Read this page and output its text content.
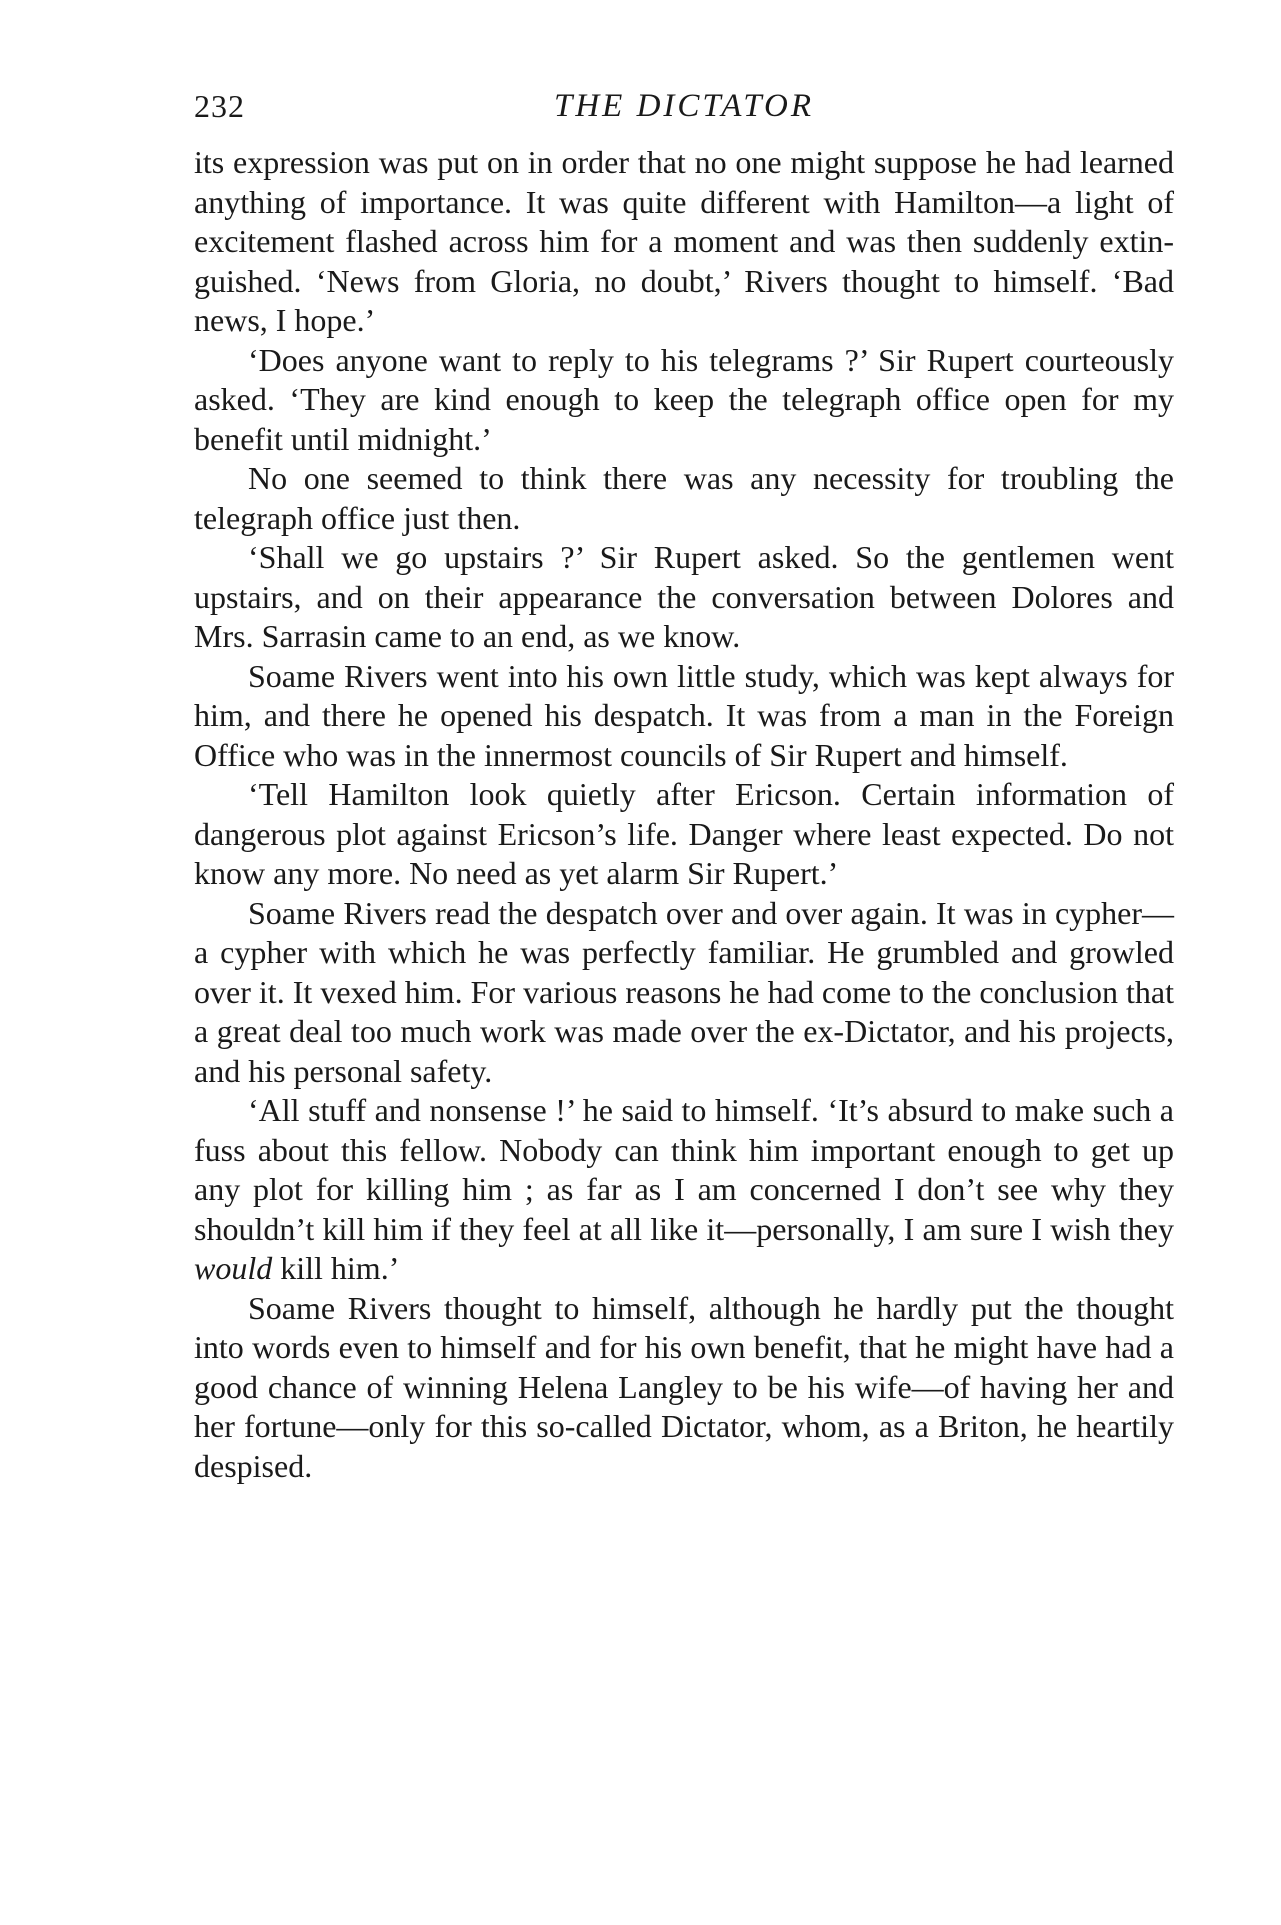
232	THE DICTATOR

its expression was put on in order that no one might suppose he had learned anything of importance. It was quite different with Hamilton—a light of excitement flashed across him for a moment and was then suddenly extinguished. ‘News from Gloria, no doubt,’ Rivers thought to himself. ‘Bad news, I hope.’

‘Does anyone want to reply to his telegrams ?’ Sir Rupert courteously asked. ‘They are kind enough to keep the telegraph office open for my benefit until midnight.’

No one seemed to think there was any necessity for troubling the telegraph office just then.

‘Shall we go upstairs ?’ Sir Rupert asked. So the gentlemen went upstairs, and on their appearance the conversation between Dolores and Mrs. Sarrasin came to an end, as we know.

Soame Rivers went into his own little study, which was kept always for him, and there he opened his despatch. It was from a man in the Foreign Office who was in the innermost councils of Sir Rupert and himself.

‘Tell Hamilton look quietly after Ericson. Certain information of dangerous plot against Ericson’s life. Danger where least expected. Do not know any more. No need as yet alarm Sir Rupert.’

Soame Rivers read the despatch over and over again. It was in cypher—a cypher with which he was perfectly familiar. He grumbled and growled over it. It vexed him. For various reasons he had come to the conclusion that a great deal too much work was made over the ex-Dictator, and his projects, and his personal safety.

‘All stuff and nonsense !’ he said to himself. ‘It’s absurd to make such a fuss about this fellow. Nobody can think him important enough to get up any plot for killing him ; as far as I am concerned I don’t see why they shouldn’t kill him if they feel at all like it—personally, I am sure I wish they would kill him.’

Soame Rivers thought to himself, although he hardly put the thought into words even to himself and for his own benefit, that he might have had a good chance of winning Helena Langley to be his wife—of having her and her fortune—only for this so-called Dictator, whom, as a Briton, he heartily despised.
